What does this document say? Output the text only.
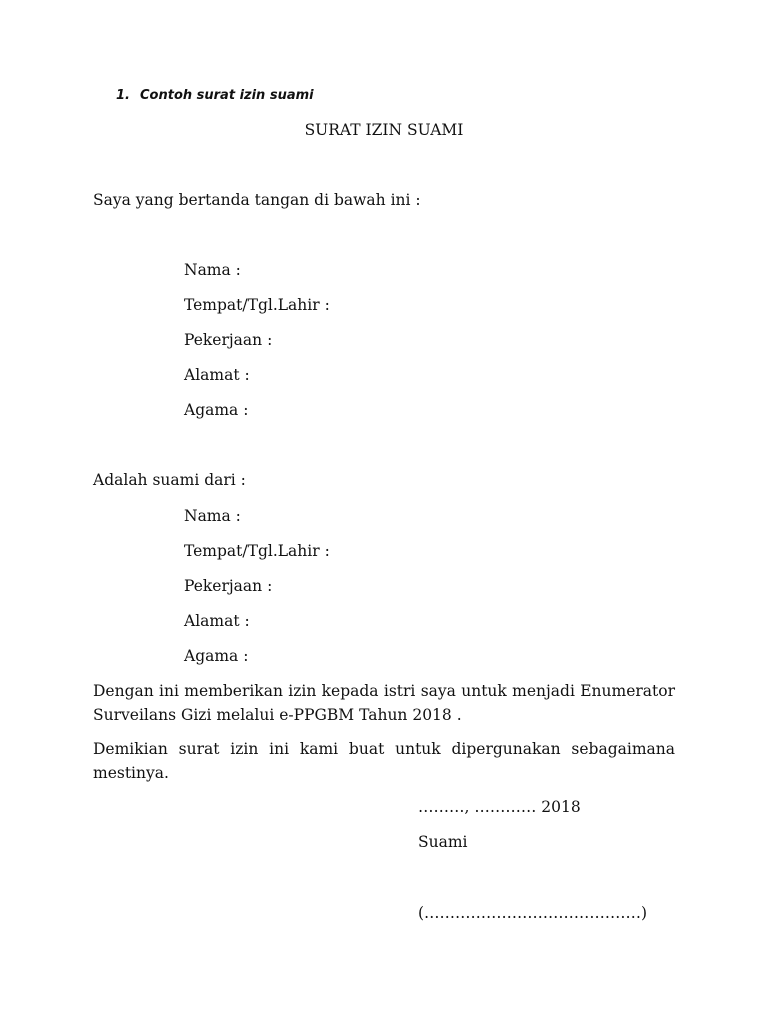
1. Contoh surat izin suami
SURAT IZIN SUAMI
Saya yang bertanda tangan di bawah ini :
Nama :
Tempat/Tgl.Lahir :
Pekerjaan :
Alamat :
Agama :
Adalah suami dari :
Nama :
Tempat/Tgl.Lahir :
Pekerjaan :
Alamat :
Agama :
Dengan ini memberikan izin kepada istri saya untuk menjadi Enumerator Surveilans Gizi melalui e-PPGBM Tahun 2018 .
Demikian surat izin ini kami buat untuk dipergunakan sebagaimana mestinya.
………, ………… 2018
Suami
(……………………………………)
